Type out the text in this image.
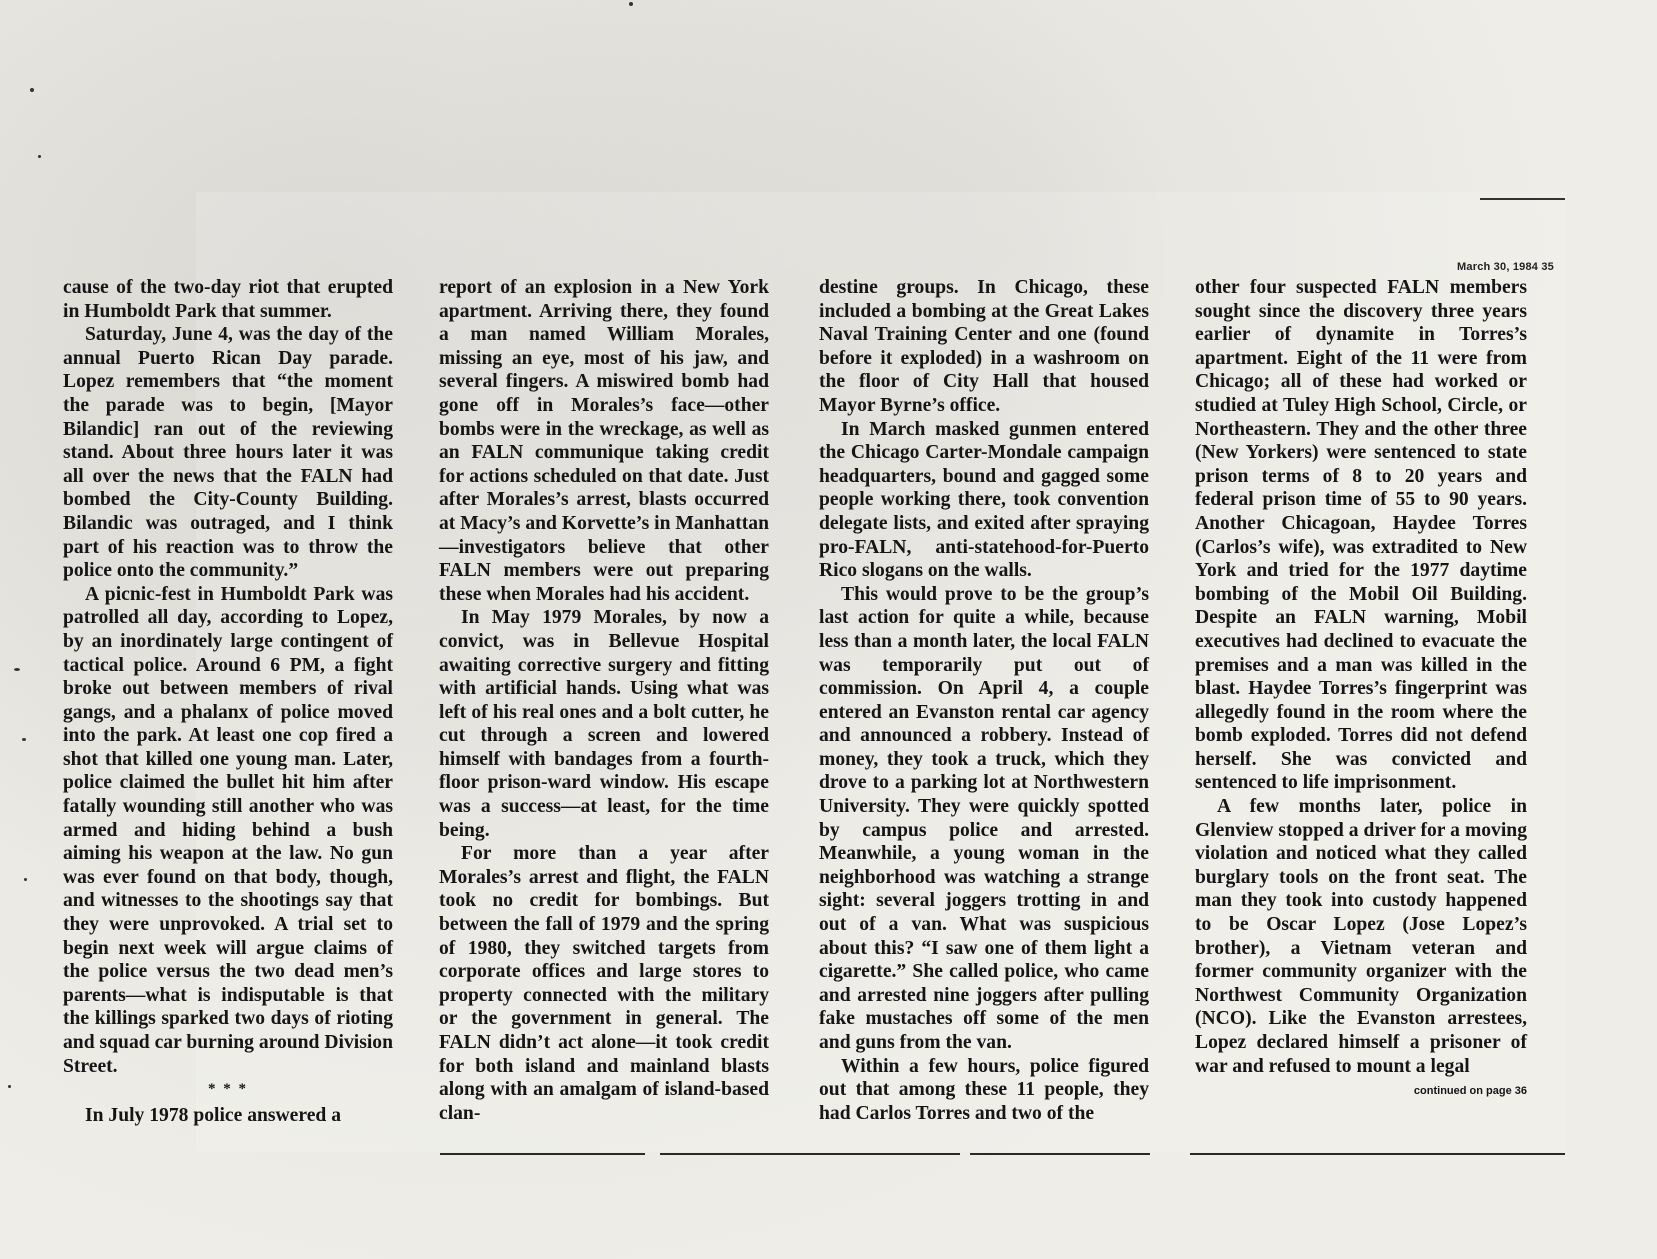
March 30, 1984 35

cause of the two-day riot that erupted in Humboldt Park that summer.

Saturday, June 4, was the day of the annual Puerto Rican Day parade. Lopez remembers that “the moment the parade was to begin, [Mayor Bilandic] ran out of the reviewing stand. About three hours later it was all over the news that the FALN had bombed the City-County Building. Bilandic was outraged, and I think part of his reaction was to throw the police onto the community.”

A picnic-fest in Humboldt Park was patrolled all day, according to Lopez, by an inordinately large contingent of tactical police. Around 6 PM, a fight broke out between members of rival gangs, and a phalanx of police moved into the park. At least one cop fired a shot that killed one young man. Later, police claimed the bullet hit him after fatally wounding still another who was armed and hiding behind a bush aiming his weapon at the law. No gun was ever found on that body, though, and witnesses to the shootings say that they were unprovoked. A trial set to begin next week will argue claims of the police versus the two dead men’s parents—what is indisputable is that the killings sparked two days of rioting and squad car burning around Division Street.

* * *

In July 1978 police answered a

report of an explosion in a New York apartment. Arriving there, they found a man named William Morales, missing an eye, most of his jaw, and several fingers. A miswired bomb had gone off in Morales’s face—other bombs were in the wreckage, as well as an FALN communique taking credit for actions scheduled on that date. Just after Morales’s arrest, blasts occurred at Macy’s and Korvette’s in Manhattan—investigators believe that other FALN members were out preparing these when Morales had his accident.

In May 1979 Morales, by now a convict, was in Bellevue Hospital awaiting corrective surgery and fitting with artificial hands. Using what was left of his real ones and a bolt cutter, he cut through a screen and lowered himself with bandages from a fourth-floor prison-ward window. His escape was a success—at least, for the time being.

For more than a year after Morales’s arrest and flight, the FALN took no credit for bombings. But between the fall of 1979 and the spring of 1980, they switched targets from corporate offices and large stores to property connected with the military or the government in general. The FALN didn’t act alone—it took credit for both island and mainland blasts along with an amalgam of island-based clan-

destine groups. In Chicago, these included a bombing at the Great Lakes Naval Training Center and one (found before it exploded) in a washroom on the floor of City Hall that housed Mayor Byrne’s office.

In March masked gunmen entered the Chicago Carter-Mondale campaign headquarters, bound and gagged some people working there, took convention delegate lists, and exited after spraying pro-FALN, anti-statehood-for-Puerto Rico slogans on the walls.

This would prove to be the group’s last action for quite a while, because less than a month later, the local FALN was temporarily put out of commission. On April 4, a couple entered an Evanston rental car agency and announced a robbery. Instead of money, they took a truck, which they drove to a parking lot at Northwestern University. They were quickly spotted by campus police and arrested. Meanwhile, a young woman in the neighborhood was watching a strange sight: several joggers trotting in and out of a van. What was suspicious about this? “I saw one of them light a cigarette.” She called police, who came and arrested nine joggers after pulling fake mustaches off some of the men and guns from the van.

Within a few hours, police figured out that among these 11 people, they had Carlos Torres and two of the

other four suspected FALN members sought since the discovery three years earlier of dynamite in Torres’s apartment. Eight of the 11 were from Chicago; all of these had worked or studied at Tuley High School, Circle, or Northeastern. They and the other three (New Yorkers) were sentenced to state prison terms of 8 to 20 years and federal prison time of 55 to 90 years. Another Chicagoan, Haydee Torres (Carlos’s wife), was extradited to New York and tried for the 1977 daytime bombing of the Mobil Oil Building. Despite an FALN warning, Mobil executives had declined to evacuate the premises and a man was killed in the blast. Haydee Torres’s fingerprint was allegedly found in the room where the bomb exploded. Torres did not defend herself. She was convicted and sentenced to life imprisonment.

A few months later, police in Glenview stopped a driver for a moving violation and noticed what they called burglary tools on the front seat. The man they took into custody happened to be Oscar Lopez (Jose Lopez’s brother), a Vietnam veteran and former community organizer with the Northwest Community Organization (NCO). Like the Evanston arrestees, Lopez declared himself a prisoner of war and refused to mount a legal

continued on page 36
